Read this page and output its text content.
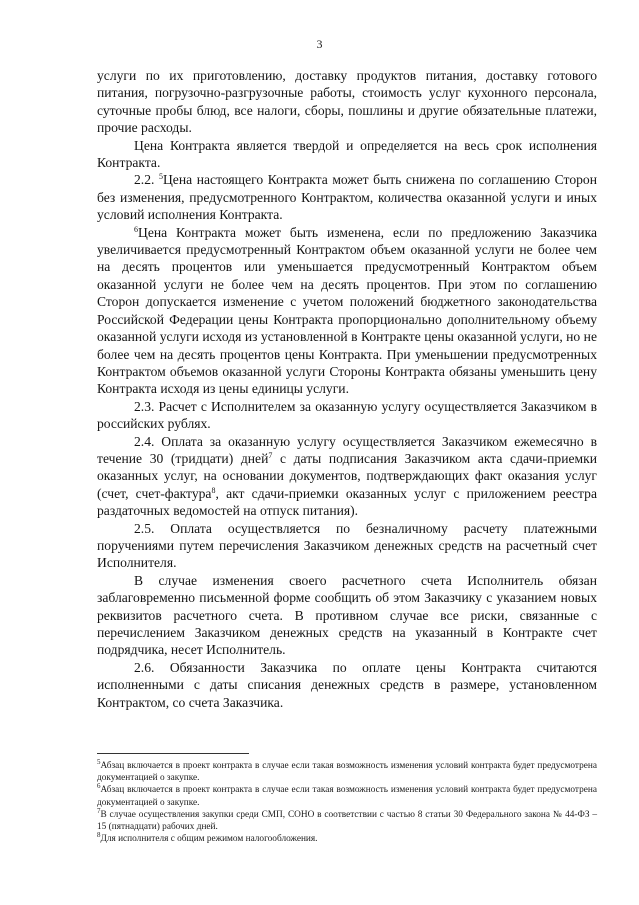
3

услуги по их приготовлению, доставку продуктов питания, доставку готового питания, погрузочно-разгрузочные работы, стоимость услуг кухонного персонала, суточные пробы блюд, все налоги, сборы, пошлины и другие обязательные платежи, прочие расходы.

Цена Контракта является твердой и определяется на весь срок исполнения Контракта.

2.2. $^5$Цена настоящего Контракта может быть снижена по соглашению Сторон без изменения, предусмотренного Контрактом, количества оказанной услуги и иных условий исполнения Контракта.

$^6$Цена Контракта может быть изменена, если по предложению Заказчика увеличивается предусмотренный Контрактом объем оказанной услуги не более чем на десять процентов или уменьшается предусмотренный Контрактом объем оказанной услуги не более чем на десять процентов. При этом по соглашению Сторон допускается изменение с учетом положений бюджетного законодательства Российской Федерации цены Контракта пропорционально дополнительному объему оказанной услуги исходя из установленной в Контракте цены оказанной услуги, но не более чем на десять процентов цены Контракта. При уменьшении предусмотренных Контрактом объемов оказанной услуги Стороны Контракта обязаны уменьшить цену Контракта исходя из цены единицы услуги.

2.3. Расчет с Исполнителем за оказанную услугу осуществляется Заказчиком в российских рублях.

2.4. Оплата за оказанную услугу осуществляется Заказчиком ежемесячно в течение 30 (тридцати) дней$^7$ с даты подписания Заказчиком акта сдачи-приемки оказанных услуг, на основании документов, подтверждающих факт оказания услуг (счет, счет-фактура$^8$, акт сдачи-приемки оказанных услуг с приложением реестра раздаточных ведомостей на отпуск питания).

2.5. Оплата осуществляется по безналичному расчету платежными поручениями путем перечисления Заказчиком денежных средств на расчетный счет Исполнителя.

В случае изменения своего расчетного счета Исполнитель обязан заблаговременно письменной форме сообщить об этом Заказчику с указанием новых реквизитов расчетного счета. В противном случае все риски, связанные с перечислением Заказчиком денежных средств на указанный в Контракте счет подрядчика, несет Исполнитель.

2.6. Обязанности Заказчика по оплате цены Контракта считаются исполненными с даты списания денежных средств в размере, установленном Контрактом, со счета Заказчика.

$^5$Абзац включается в проект контракта в случае если такая возможность изменения условий контракта будет предусмотрена документацией о закупке.

$^6$Абзац включается в проект контракта в случае если такая возможность изменения условий контракта будет предусмотрена документацией о закупке.

$^7$В случае осуществления закупки среди СМП, СОНО в соответствии с частью 8 статьи 30 Федерального закона № 44-ФЗ – 15 (пятнадцати) рабочих дней.

$^8$Для исполнителя с общим режимом налогообложения.
